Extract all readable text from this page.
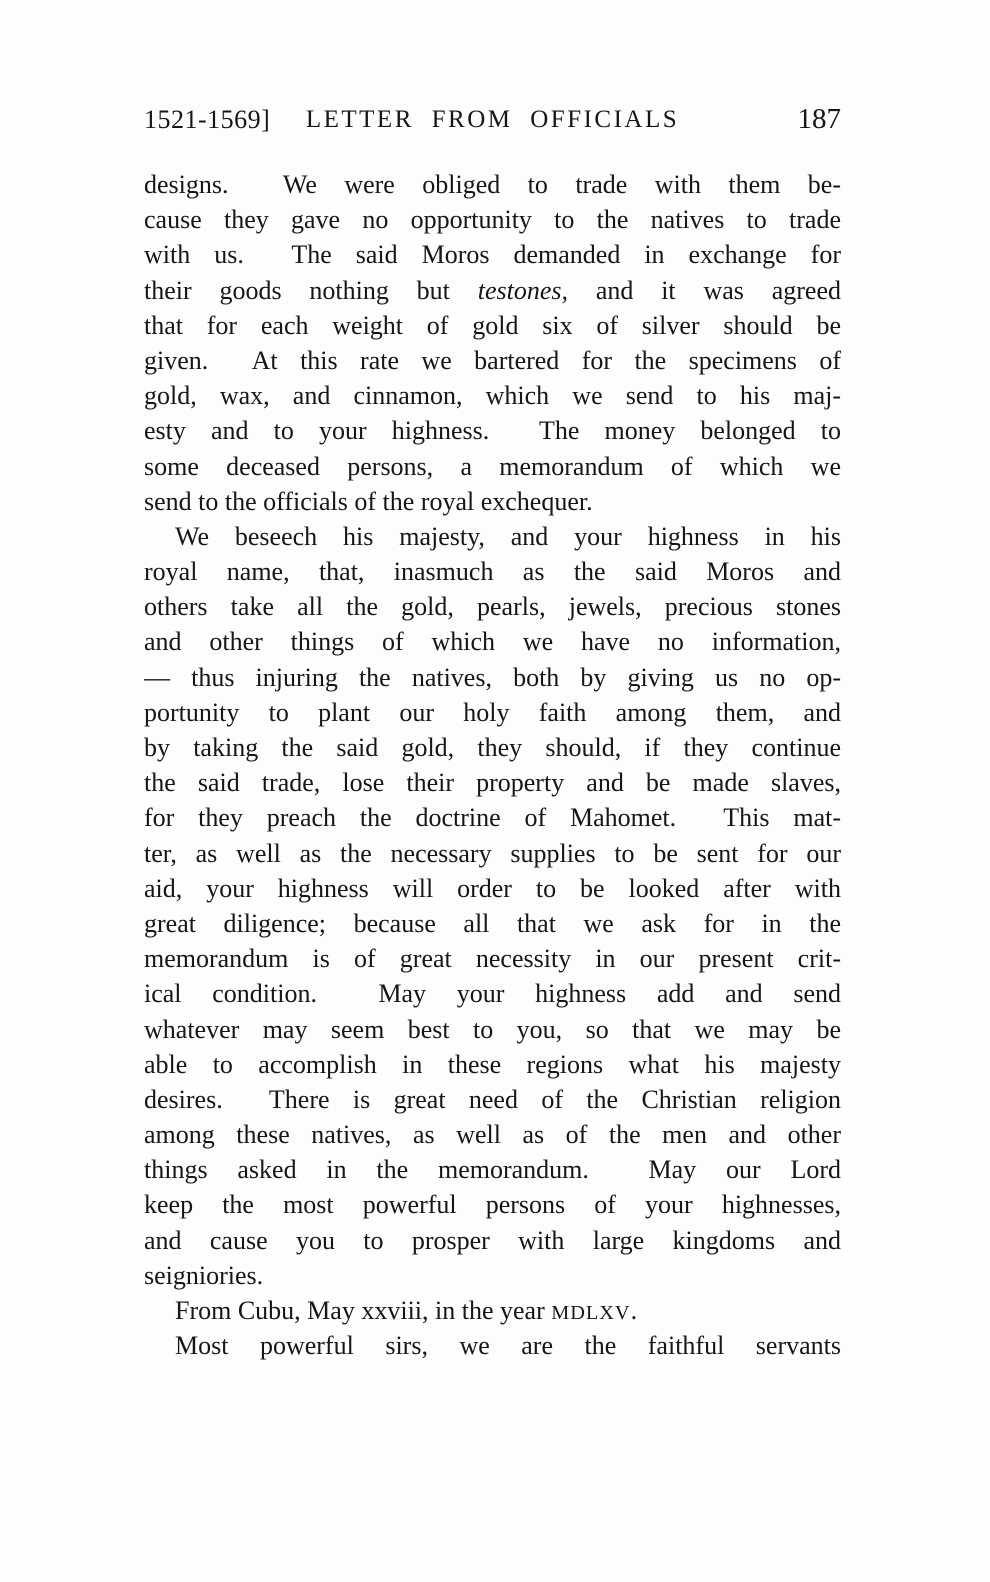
1521-1569]	LETTER FROM OFFICIALS	187
designs.  We were obliged to trade with them be-
cause they gave no opportunity to the natives to trade
with us.  The said Moros demanded in exchange for
their goods nothing but testones, and it was agreed
that for each weight of gold six of silver should be
given.  At this rate we bartered for the specimens of
gold, wax, and cinnamon, which we send to his maj-
esty and to your highness.  The money belonged to
some deceased persons, a memorandum of which we
send to the officials of the royal exchequer.
We beseech his majesty, and your highness in his
royal name, that, inasmuch as the said Moros and
others take all the gold, pearls, jewels, precious stones
and other things of which we have no information,
— thus injuring the natives, both by giving us no op-
portunity to plant our holy faith among them, and
by taking the said gold, they should, if they continue
the said trade, lose their property and be made slaves,
for they preach the doctrine of Mahomet.  This mat-
ter, as well as the necessary supplies to be sent for our
aid, your highness will order to be looked after with
great diligence; because all that we ask for in the
memorandum is of great necessity in our present crit-
ical condition.  May your highness add and send
whatever may seem best to you, so that we may be
able to accomplish in these regions what his majesty
desires.  There is great need of the Christian religion
among these natives, as well as of the men and other
things asked in the memorandum.  May our Lord
keep the most powerful persons of your highnesses,
and cause you to prosper with large kingdoms and
seigniories.
From Cubu, May xxviii, in the year MDLXV.
Most powerful sirs, we are the faithful servants
